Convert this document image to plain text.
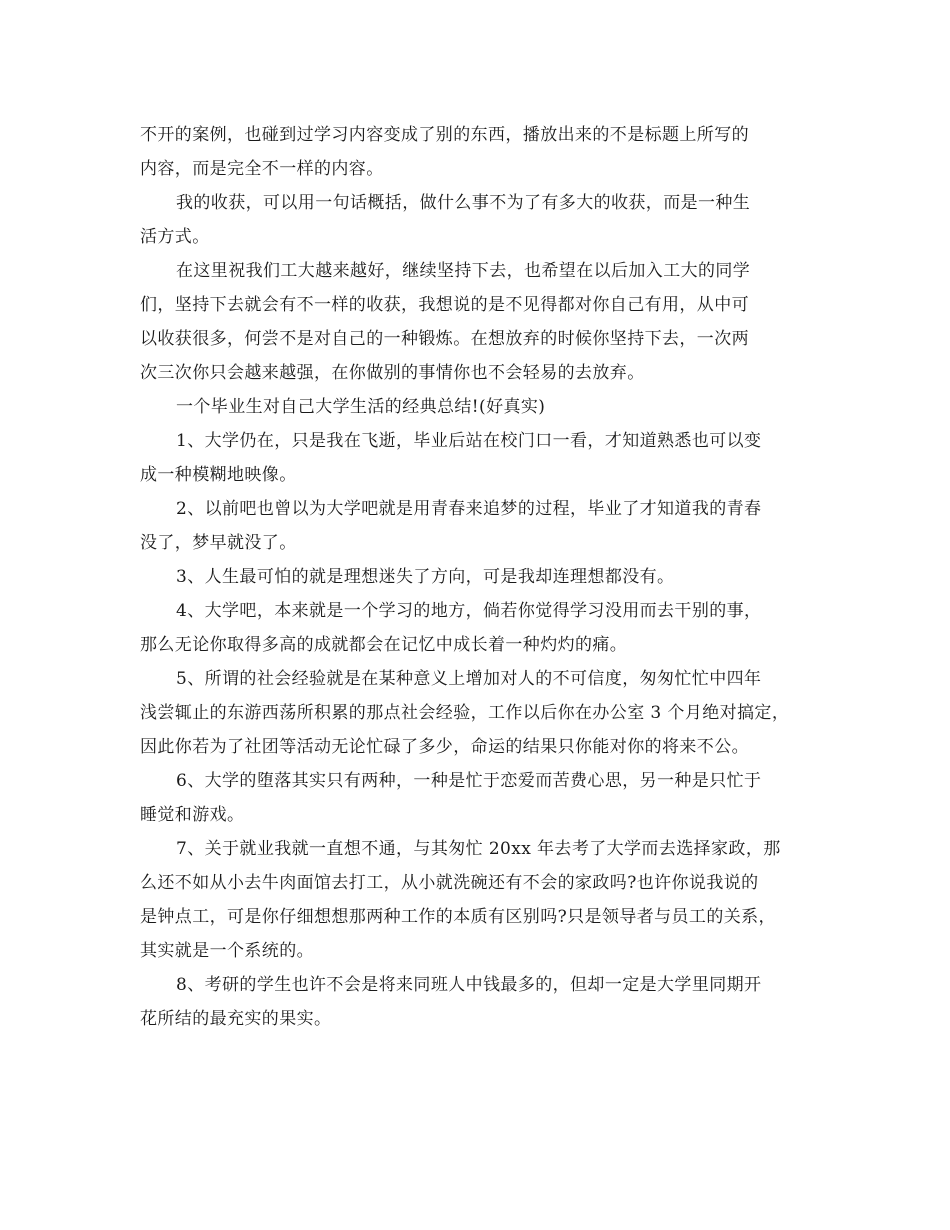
不开的案例，也碰到过学习内容变成了别的东西，播放出来的不是标题上所写的
内容，而是完全不一样的内容。
我的收获，可以用一句话概括，做什么事不为了有多大的收获，而是一种生
活方式。
在这里祝我们工大越来越好，继续坚持下去，也希望在以后加入工大的同学
们，坚持下去就会有不一样的收获，我想说的是不见得都对你自己有用，从中可
以收获很多，何尝不是对自己的一种锻炼。在想放弃的时候你坚持下去，一次两
次三次你只会越来越强，在你做别的事情你也不会轻易的去放弃。
一个毕业生对自己大学生活的经典总结!(好真实)
1、大学仍在，只是我在飞逝，毕业后站在校门口一看，才知道熟悉也可以变
成一种模糊地映像。
2、以前吧也曾以为大学吧就是用青春来追梦的过程，毕业了才知道我的青春
没了，梦早就没了。
3、人生最可怕的就是理想迷失了方向，可是我却连理想都没有。
4、大学吧，本来就是一个学习的地方，倘若你觉得学习没用而去干别的事，
那么无论你取得多高的成就都会在记忆中成长着一种灼灼的痛。
5、所谓的社会经验就是在某种意义上增加对人的不可信度，匆匆忙忙中四年
浅尝辄止的东游西荡所积累的那点社会经验，工作以后你在办公室 3 个月绝对搞定，
因此你若为了社团等活动无论忙碌了多少，命运的结果只你能对你的将来不公。
6、大学的堕落其实只有两种，一种是忙于恋爱而苦费心思，另一种是只忙于
睡觉和游戏。
7、关于就业我就一直想不通，与其匆忙 20xx 年去考了大学而去选择家政，那
么还不如从小去牛肉面馆去打工，从小就洗碗还有不会的家政吗?也许你说我说的
是钟点工，可是你仔细想想那两种工作的本质有区别吗?只是领导者与员工的关系，
其实就是一个系统的。
8、考研的学生也许不会是将来同班人中钱最多的，但却一定是大学里同期开
花所结的最充实的果实。
